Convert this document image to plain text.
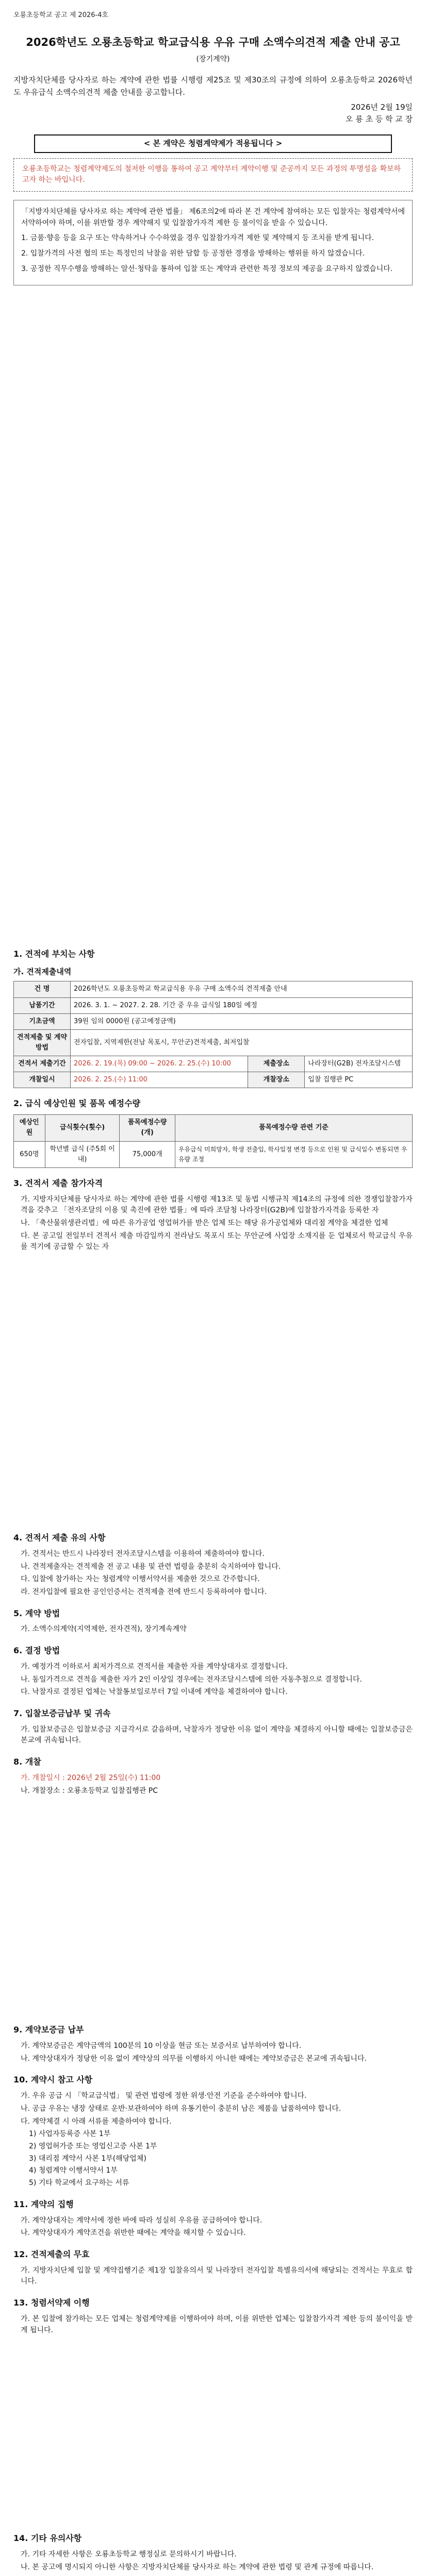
오룡초등학교 공고 제 2026-4호
2026학년도 오룡초등학교 학교급식용 우유 구매 소액수의견적 제출 안내 공고
(장기계약)

지방자치단체를 당사자로 하는 계약에 관한 법률 시행령 제25조 및 제30조의 규정에 의하여 오룡초등학교 2026학년도 우유급식 소액수의견적 제출 안내를 공고합니다.

2026년 2월 19일
오 룡 초 등 학 교 장
< 본 계약은 청렴계약제가 적용됩니다 >
오룡초등학교는 청렴계약제도의 철저한 이행을 통하여 공고 계약부터 계약이행 및 준공까지 모든 과정의 투명성을 확보하고자 하는 바입니다.

「지방자치단체를 당사자로 하는 계약에 관한 법률」 제6조의2에 따라 본 건 계약에 참여하는 모든 입찰자는 청렴계약서에 서약하여야 하며, 이를 위반할 경우 계약해지 및 입찰참가자격 제한 등 불이익을 받을 수 있습니다.

1. 금품·향응 등을 요구 또는 약속하거나 수수하였을 경우 입찰참가자격 제한 및 계약해지 등 조치를 받게 됩니다.

2. 입찰가격의 사전 협의 또는 특정인의 낙찰을 위한 담합 등 공정한 경쟁을 방해하는 행위를 하지 않겠습니다.

3. 공정한 직무수행을 방해하는 알선·청탁을 통하여 입찰 또는 계약과 관련한 특정 정보의 제공을 요구하지 않겠습니다.

1. 견적에 부치는 사항
가. 견적제출내역
건 명	2026학년도 오룡초등학교 학교급식용 우유 구매 소액수의 견적제출 안내		
납품기간	2026. 3. 1. ~ 2027. 2. 28. 기간 중 우유 급식일 180일 예정		
기초금액	39원 임의 0000원 (공고예정금액)		
견적제출 및 계약방법	전자입찰, 지역제한(전남 목포시, 무안군)견적제출, 최저입찰		
견적서 제출기간	2026. 2. 19.(목) 09:00 ~ 2026. 2. 25.(수) 10:00	제출장소	나라장터(G2B) 전자조달시스템
개찰일시	2026. 2. 25.(수) 11:00	개찰장소	입찰 집행관 PC
2. 급식 예상인원 및 품목 예정수량
예상인원	급식횟수(횟수)	품목예정수량(개)	품목예정수량 관련 기준
650명	학년별 급식 (주5회 이내)	75,000개	우유급식 미희망자, 학생 전출입, 학사일정 변경 등으로 인원 및 급식일수 변동되면 우유량 조정
3. 견적서 제출 참가자격

가. 지방자치단체를 당사자로 하는 계약에 관한 법률 시행령 제13조 및 동법 시행규칙 제14조의 규정에 의한 경쟁입찰참가자격을 갖추고 「전자조달의 이용 및 촉진에 관한 법률」에 따라 조달청 나라장터(G2B)에 입찰참가자격을 등록한 자

나. 「축산물위생관리법」에 따른 유가공업 영업허가를 받은 업체 또는 해당 유가공업체와 대리점 계약을 체결한 업체

다. 본 공고일 전일부터 견적서 제출 마감일까지 전라남도 목포시 또는 무안군에 사업장 소재지를 둔 업체로서 학교급식 우유를 적기에 공급할 수 있는 자

4. 견적서 제출 유의 사항

가. 견적서는 반드시 나라장터 전자조달시스템을 이용하여 제출하여야 합니다.

나. 견적제출자는 견적제출 전 공고 내용 및 관련 법령을 충분히 숙지하여야 합니다.

다. 입찰에 참가하는 자는 청렴계약 이행서약서를 제출한 것으로 간주합니다.

라. 전자입찰에 필요한 공인인증서는 견적제출 전에 반드시 등록하여야 합니다.

5. 계약 방법

가. 소액수의계약(지역제한, 전자견적), 장기계속계약

6. 결정 방법

가. 예정가격 이하로서 최저가격으로 견적서를 제출한 자를 계약상대자로 결정합니다.

나. 동일가격으로 견적을 제출한 자가 2인 이상일 경우에는 전자조달시스템에 의한 자동추첨으로 결정합니다.

다. 낙찰자로 결정된 업체는 낙찰통보일로부터 7일 이내에 계약을 체결하여야 합니다.

7. 입찰보증금납부 및 귀속

가. 입찰보증금은 입찰보증금 지급각서로 갈음하며, 낙찰자가 정당한 이유 없이 계약을 체결하지 아니할 때에는 입찰보증금은 본교에 귀속됩니다.

8. 개찰

가. 개찰일시 : 2026년 2월 25일(수) 11:00

나. 개찰장소 : 오룡초등학교 입찰집행관 PC

9. 계약보증금 납부

가. 계약보증금은 계약금액의 100분의 10 이상을 현금 또는 보증서로 납부하여야 합니다.

나. 계약상대자가 정당한 이유 없이 계약상의 의무를 이행하지 아니한 때에는 계약보증금은 본교에 귀속됩니다.

10. 계약시 참고 사항

가. 우유 공급 시 「학교급식법」 및 관련 법령에 정한 위생·안전 기준을 준수하여야 합니다.

나. 공급 우유는 냉장 상태로 운반·보관하여야 하며 유통기한이 충분히 남은 제품을 납품하여야 합니다.

다. 계약체결 시 아래 서류를 제출하여야 합니다.

1) 사업자등록증 사본 1부

2) 영업허가증 또는 영업신고증 사본 1부

3) 대리점 계약서 사본 1부(해당업체)

4) 청렴계약 이행서약서 1부

5) 기타 학교에서 요구하는 서류

11. 계약의 집행

가. 계약상대자는 계약서에 정한 바에 따라 성실히 우유를 공급하여야 합니다.

나. 계약상대자가 계약조건을 위반한 때에는 계약을 해지할 수 있습니다.

12. 견적제출의 무효

가. 지방자치단체 입찰 및 계약집행기준 제1장 입찰유의서 및 나라장터 전자입찰 특별유의서에 해당되는 견적서는 무효로 합니다.

13. 청렴서약제 이행

가. 본 입찰에 참가하는 모든 업체는 청렴계약제를 이행하여야 하며, 이를 위반한 업체는 입찰참가자격 제한 등의 불이익을 받게 됩니다.

14. 기타 유의사항

가. 기타 자세한 사항은 오룡초등학교 행정실로 문의하시기 바랍니다.

나. 본 공고에 명시되지 아니한 사항은 지방자치단체를 당사자로 하는 계약에 관한 법령 및 관계 규정에 따릅니다.
